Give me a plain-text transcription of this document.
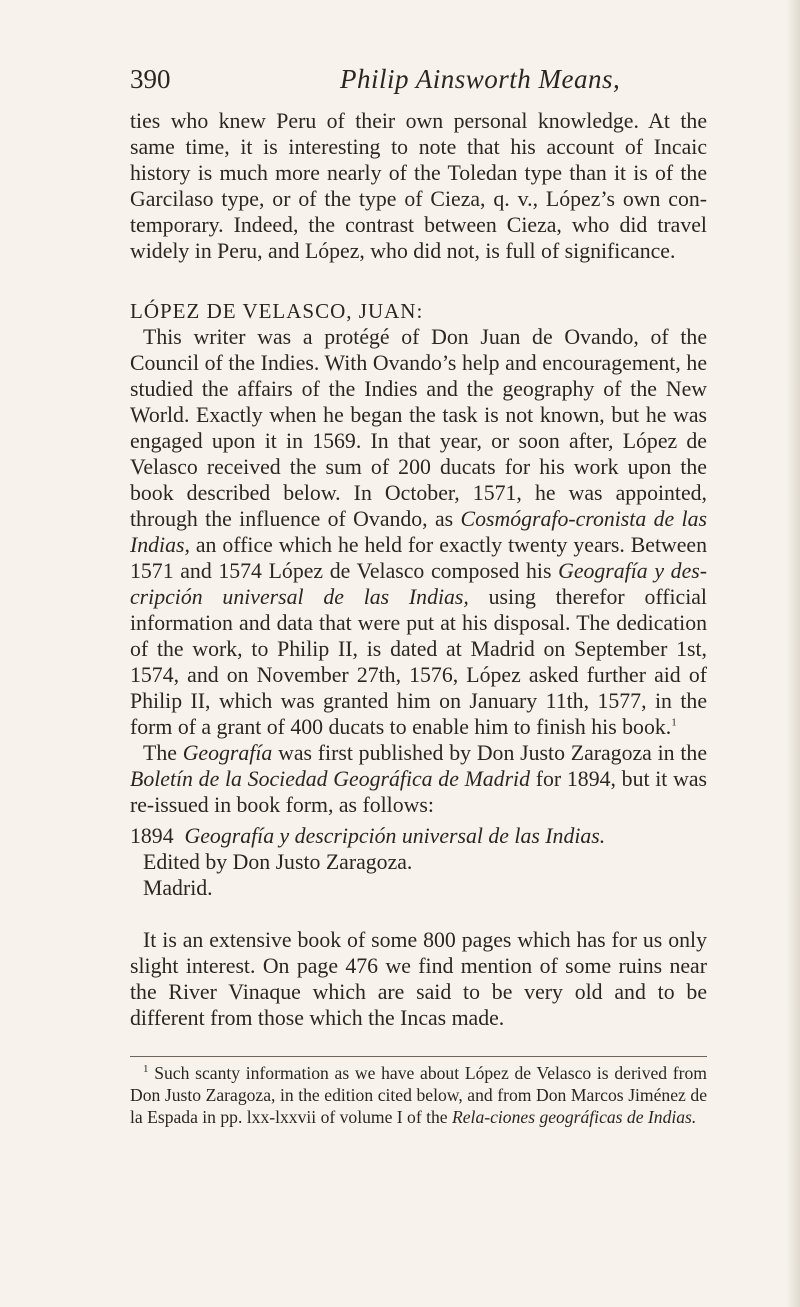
390	Philip Ainsworth Means,

ties who knew Peru of their own personal knowledge. At the same time, it is interesting to note that his account of Incaic history is much more nearly of the Toledan type than it is of the Garcilaso type, or of the type of Cieza, q. v., López’s own con-temporary. Indeed, the contrast between Cieza, who did travel widely in Peru, and López, who did not, is full of significance.

LÓPEZ DE VELASCO, JUAN:

This writer was a protégé of Don Juan de Ovando, of the Council of the Indies. With Ovando’s help and encouragement, he studied the affairs of the Indies and the geography of the New World. Exactly when he began the task is not known, but he was engaged upon it in 1569. In that year, or soon after, López de Velasco received the sum of 200 ducats for his work upon the book described below. In October, 1571, he was appointed, through the influence of Ovando, as Cosmógrafo-cronista de las Indias, an office which he held for exactly twenty years. Between 1571 and 1574 López de Velasco composed his Geografía y des-cripción universal de las Indias, using therefor official information and data that were put at his disposal. The dedication of the work, to Philip II, is dated at Madrid on September 1st, 1574, and on November 27th, 1576, López asked further aid of Philip II, which was granted him on January 11th, 1577, in the form of a grant of 400 ducats to enable him to finish his book.$^1$

The Geografía was first published by Don Justo Zaragoza in the Boletín de la Sociedad Geográfica de Madrid for 1894, but it was re-issued in book form, as follows:

1894 Geografía y descripción universal de las Indias.
Edited by Don Justo Zaragoza.
Madrid.

It is an extensive book of some 800 pages which has for us only slight interest. On page 476 we find mention of some ruins near the River Vinaque which are said to be very old and to be different from those which the Incas made.

$^1$ Such scanty information as we have about López de Velasco is derived from Don Justo Zaragoza, in the edition cited below, and from Don Marcos Jiménez de la Espada in pp. lxx-lxxvii of volume I of the Rela-ciones geográficas de Indias.
